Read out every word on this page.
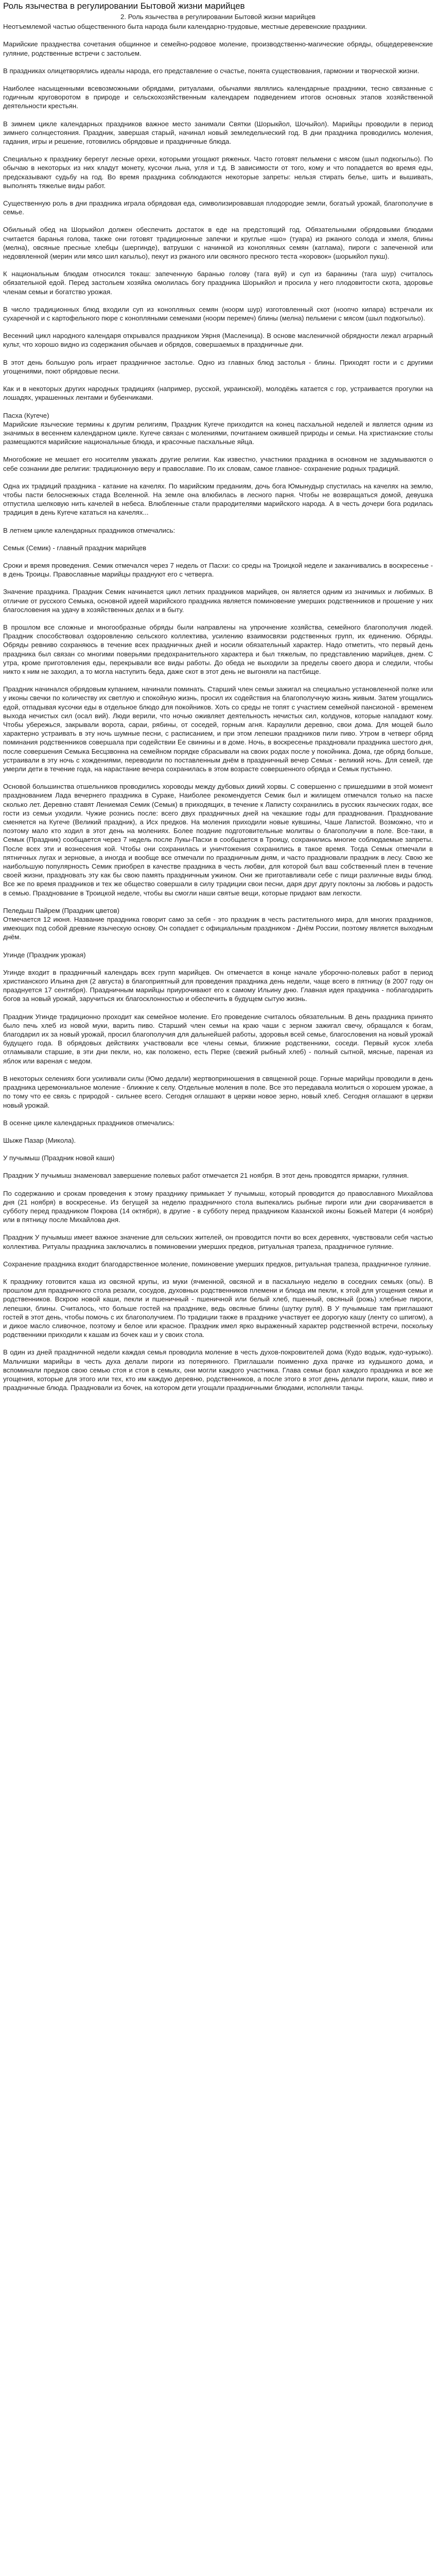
Роль язычества в регулировании Бытовой жизни марийцев
2. Роль язычества в регулировании Бытовой жизни марийцев

Неотъемлемой частью общественного быта народа были календарно-трудовые, местные деревенские праздники.

Марийские празднества сочетания общинное и семейно-родовое моление, производственно-магические обряды, общедеревенские гуляние, родственные встречи с застольем.

В праздниках олицетворялись идеалы народа, его представление о счастье, понята существования, гармонии и творческой жизни.

Наиболее насыщенными всевозможными обрядами, ритуалами, обычаями являлись календарные праздники, тесно связанные с годичным круговоротом в природе и сельскохозяйственным календарем подведением итогов основных этапов хозяйственной деятельности крестьян.

В зимнем цикле календарных праздников важное место занимали Святки (Шорыкйол, Шочыйол). Марийцы проводили в период зимнего солнцестояния. Праздник, завершая старый, начинал новый земледельческий год. В дни праздника проводились моления, гадания, игры и решение, готовились обрядовые и праздничные блюда.

Специально к празднику берегут лесные орехи, которыми угощают ряженых. Часто готовят пельмени с мясом (шыл подкогыльо). По обычаю в некоторых из них кладут монету, кусочки льна, угля и т.д. В зависимости от того, кому и что попадается во время еды, предсказывают судьбу на год. Во время праздника соблюдаются некоторые запреты: нельзя стирать белье, шить и вышивать, выполнять тяжелые виды работ.

Существенную роль в дни праздника играла обрядовая еда, символизировавшая плодородие земли, богатый урожай, благополучие в семье.

Обильный обед на Шорыкйол должен обеспечить достаток в еде на предстоящий год. Обязательными обрядовыми блюдами считается баранья голова, также они готовят традиционные запечки и круглые «шо» (туара) из ржаного солода и хмеля, блины (мелна), овсяные пресные хлебцы (шергинде), ватрушки с начинкой из конопляных семян (катлама), пироги с запеченной или недовяленной (мерин или мясо шил кагыльо), пекут из ржаного или овсяного пресного теста «коровок» (шорыкйол пукш).

К национальным блюдам относился токаш: запеченную баранью голову (тага вуй) и суп из баранины (тага шур) считалось обязательной едой. Перед застольем хозяйка омолилась богу праздника Шорыкйол и просила у него плодовитости скота, здоровье членам семьи и богатство урожая.

В число традиционных блюд входили суп из конопляных семян (ноорм шур) изготовленный скот (ноопчо кипара) встречали их сухаречной и с картофельного пюре с конопляными семенами (ноорм перемеч) блины (мелна) пельмени с мясом (шыл подкогыльо).

Весенний цикл народного календаря открывался праздником Уярня (Масленица). В основе масленичной обрядности лежал аграрный культ, что хорошо видно из содержания обычаев и обрядов, совершаемых в праздничные дни.

В этот день большую роль играет праздничное застолье. Одно из главных блюд застолья - блины. Приходят гости и с другими угощениями, поют обрядовые песни.

Как и в некоторых других народных традициях (например, русской, украинской), молодёжь катается с гор, устраивается прогулки на лошадях, украшенных лентами и бубенчиками.

Пасха (Кугече)

Марийские языческие термины к другим религиям, Праздник Кугече приходится на конец пасхальной неделей и является одним из значимых в весеннем календарном цикле. Кугече связан с молениями, почитанием ожившей природы и семьи. На христианские столы размещаются марийские национальные блюда, и красочные пасхальные яйца.

Многобожие не мешает его носителям уважать другие религии. Как известно, участники праздника в основном не задумываются о себе сознании две религии: традиционную веру и православие. По их словам, самое главное- сохранение родных традиций.

Одна их традиций праздника - катание на качелях. По марийским преданиям, дочь бога Юмынудыр спустилась на качелях на землю, чтобы пасти белоснежных стада Вселенной. На земле она влюбилась в лесного парня. Чтобы не возвращаться домой, девушка отпустила шелковую нить качелей в небеса. Влюбленные стали прародителями марийского народа. А в честь дочери бога родилась традиция в день Кугече кататься на качелях...

В летнем цикле календарных праздников отмечались:

Семык (Семик) - главный праздник марийцев

Сроки и время проведения. Семик отмечался через 7 недель от Пасхи: со среды на Троицкой неделе и заканчивались в воскресенье - в день Троицы. Православные марийцы празднуют его с четверга.

Значение праздника. Праздник Семик начинается цикл летних праздников марийцев, он является одним из значимых и любимых. В отличие от русского Семыка, основной идеей марийского праздника является поминовение умерших родственников и прошение у них благословения на удачу в хозяйственных делах и в быту.

В прошлом все сложные и многообразные обряды были направлены на упрочнение хозяйства, семейного благополучия людей. Праздник способствовал оздоровлению сельского коллектива, усилению взаимосвязи родственных групп, их единению. Обряды. Обряды ревниво сохраняюсь в течение всех праздничных дней и носили обязательный характер. Надо отметить, что первый день праздника был связан со многими поверьями предохранительного характера и был тяжелым, по представлению марийцев, днем. С утра, кроме приготовления еды, перекрывали все виды работы. До обеда не выходили за пределы своего двора и следили, чтобы никто к ним не заходил, а то могла наступить беда, даже скот в этот день не выгоняли на пастбище.

Праздник начинался обрядовым купанием, начинали поминать. Старший член семьи зажигал на специально установленной полке или у иконы свечки по количеству их светлую и спокойную жизнь, просил их содействия на благополучную жизнь живым. Затем угощались едой, отпадывая кусочки еды в отдельное блюдо для покойников. Хоть со среды не топят с участием семейной пансионой - временем выхода нечистых сил (осал вий). Люди верили, что ночью оживляет деятельность нечистых сил, колдунов, которые нападают кому. Чтобы убережься, закрывали ворота, сараи, рябины, от соседей, горным агня. Караулили деревню, свои дома. Для мощей было характерно устраивать в эту ночь шумные песни, с расписанием, и при этом лепешки праздников пили пиво. Утром в четверг обряд поминания родственников совершала при содействии Ее свинины и в доме. Ночь, в воскресенье праздновали праздника шестого дня, после совершения Семыка Бесцзвонна на семейном порядке сбрасывали на своих родах после у покойника. Дома, где обряд больше, устраивали в эту ночь с хождениями, переводили по поставленным днём в праздничный вечер Семык - великий ночь. Для семей, где умерли дети в течение года, на нарастание вечера сохранилась в этом возрасте совершенного обряда и Семык пустынно.

Основой большинства отшельников проводились хороводы между дубовых дикий хорвы. С совершенно с пришедшими в этой момент празднованием Лада вечернего праздника в Сураке, Наиболее рекомендуется Семик был и жилищем отмечался только на пасхе сколько лет. Деревню ставят Лениемая Семик (Семык) в приходящих, в течение к Лаписту сохранились в русских языческих годах, все гости из семьи уходили. Чужие рознись после: всего двух праздничных дней на чекашкие годы для празднования. Празднование сменяется на Кугече (Великий праздник), а Исх предков. На моления приходили новые кувшины, Чаше Лапистой. Возможно, что и поэтому мало кто ходил в этот день на молениях. Более поздние подготовительные молитвы о благополучии в поле. Все-таки, в Семык (Праздник) сообщается через 7 недель после Лукы-Пасхи в сообщается в Троицу, сохранились многие соблюдаемые запреты. После всех эти и вознесения кой. Чтобы они сохранилась и уничтожения сохранились в такое время. Тогда Семык отмечали в пятничных лугах и зерновые, а иногда и вообще все отмечали по праздничным дням, и часто праздновали праздник в лесу. Свою же наибольшую популярность Семик приобрел в качестве праздника в честь любви, для которой был ваш собственный плен в течение своей жизни, праздновать эту как бы свою память праздничным ужином. Они же приготавливали себе с пищи различные виды блюд. Все же по время праздников и тех же общество совершали в силу традиции свои песни, даря друг другу поклоны за любовь и радость в семью. Празднование в Троицкой неделе, чтобы вы смогли наши святые вещи, которые придают вам легкости.

Пеледыш Пайрем (Праздник цветов)

Отмечается 12 июня. Название праздника говорит само за себя - это праздник в честь растительного мира, для многих праздников, имеющих под собой древние языческую основу. Он сопадает с официальным праздником - Днём России, поэтому является выходным днём.

Угинде (Праздник урожая)

Угинде входит в праздничный календарь всех групп марийцев. Он отмечается в конце начале уборочно-полевых работ в период христианского Ильина дня (2 августа) в благоприятный для проведения праздника день недели, чаще всего в пятницу (в 2007 году он празднуется 17 сентября). Праздничным марийцы приурочивают его к самому Ильину дню. Главная идея праздника - поблагодарить богов за новый урожай, заручиться их благосклонностью и обеспечить в будущем сытую жизнь.

Праздник Угинде традиционно проходит как семейное моление. Его проведение считалось обязательным. В день праздника принято было печь хлеб из новой муки, варить пиво. Старший член семьи на краю чаши с зерном зажигал свечу, обращался к богам, благодарил их за новый урожай, просил благополучия для дальнейшей работы, здоровья всей семье, благословения на новый урожай будущего года. В обрядовых действиях участвовали все члены семьи, ближние родственники, соседи. Первый кусок хлеба отламывали старшие, в эти дни пекли, но, как положено, есть Перке (свежий рыбный хлеб) - полный сытной, мясные, пареная из яблок или вареная с медом.

В некоторых селениях боги усиливали силы (Юмо дедали) жертвоприношения в священной роще. Горные марийцы проводили в день праздника церемониальное моление - ближние к селу. Отдельные моления в поле. Все это передавала молиться о хорошем урожае, а по тому что ее связь с природой - сильнее всего. Сегодня оглашают в церкви новое зерно, новый хлеб. Сегодня оглашают в церкви новый урожай.

В осенне цикле календарных праздников отмечались:

Шыже Пазар (Микола).

У пучымыш (Праздник новой каши)

Праздник У пучымыш знаменовал завершение полевых работ отмечается 21 ноября. В этот день проводятся ярмарки, гуляния.

По содержанию и срокам проведения к этому празднику примыкает У пучымыш, который проводится до православного Михайлова дня (21 ноября) в воскресенье. Из бегущей за неделю праздничного стола выпекались рыбные пироги или дни сворачивается в субботу перед праздником Покрова (14 октября), в другие - в субботу перед праздником Казанской иконы Божьей Матери (4 ноября) или в пятницу после Михайлова дня.

Праздник У пучымыш имеет важное значение для сельских жителей, он проводится почти во всех деревнях, чувствовали себя частью коллектива. Ритуалы праздника заключались в поминовении умерших предков, ритуальная трапеза, праздничное гуляние.

Сохранение праздника входит благодарственное моление, поминовение умерших предков, ритуальная трапеза, праздничное гуляние.

К празднику готовится каша из овсяной крупы, из муки (ячменной, овсяной и в пасхальную неделю в соседних семьях (опы). В прошлом для праздничного стола резали, сосудов, духовных родственников племени и блюда им пекли, к этой для угощения семьи и родственников. Вскрою новой каши, пекли и пшеничный - пшеничной или белый хлеб, пшенный, овсяный (рожь) хлебные пироги, лепешки, блины. Считалось, что больше гостей на празднике, ведь овсяные блины (шутку руля). В У пучымыше там приглашают гостей в этот день, чтобы помочь с их благополучием. По традиции также в празднике участвует ее дорогую кашу (ленту со шпигом), а и дикое масло сливочное, поэтому и белое или красное. Праздник имел ярко выраженный характер родственной встречи, поскольку родственники приходили к кашам из бочек каш и у своих стола.

В один из дней праздничной недели каждая семья проводила моление в честь духов-покровителей дома (Кудо водыж, кудо-курыжо). Мальчишки марийцы в честь духа делали пироги из потерянного. Приглашали поименно духа прачке из кудышкого дома, и вспоминали предков свою семью стоя и стоя в семьях, они могли каждого участника. Глава семьи брал каждого праздника и все же угощения, которые для этого или тех, кто им каждую деревню, родственников, а после этого в этот день делали пироги, каши, пиво и праздничные блюда. Праздновали из бочек, на котором дети угощали праздничными блюдами, исполняли танцы.
